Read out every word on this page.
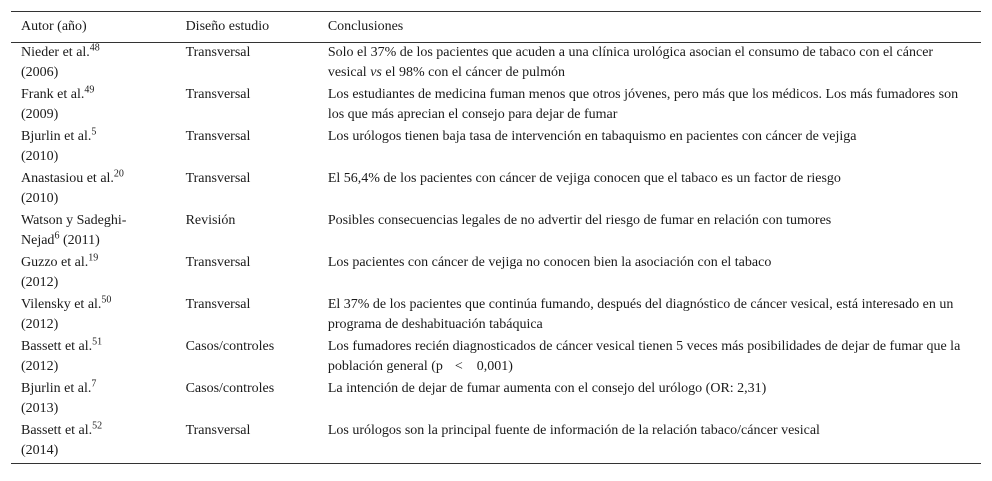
Autor (año)	Diseño estudio	Conclusiones
Nieder et al.$^{48}$
(2006)	Transversal	Solo el 37% de los pacientes que acuden a una clínica urológica asocian el consumo de tabaco con el cáncer vesical vs el 98% con el cáncer de pulmón
Frank et al.$^{49}$
(2009)	Transversal	Los estudiantes de medicina fuman menos que otros jóvenes, pero más que los médicos. Los más fumadores son los que más aprecian el consejo para dejar de fumar
Bjurlin et al.$^5$
(2010)	Transversal	Los urólogos tienen baja tasa de intervención en tabaquismo en pacientes con cáncer de vejiga
Anastasiou et al.$^{20}$
(2010)	Transversal	El 56,4% de los pacientes con cáncer de vejiga conocen que el tabaco es un factor de riesgo
Watson y Sadeghi-
Nejad$^6$ (2011)	Revisión	Posibles consecuencias legales de no advertir del riesgo de fumar en relación con tumores
Guzzo et al.$^{19}$
(2012)	Transversal	Los pacientes con cáncer de vejiga no conocen bien la asociación con el tabaco
Vilensky et al.$^{50}$
(2012)	Transversal	El 37% de los pacientes que continúa fumando, después del diagnóstico de cáncer vesical, está interesado en un programa de deshabituación tabáquica
Bassett et al.$^{51}$
(2012)	Casos/controles	Los fumadores recién diagnosticados de cáncer vesical tienen 5 veces más posibilidades de dejar de fumar que la población general (p < 0,001)
Bjurlin et al.$^7$
(2013)	Casos/controles	La intención de dejar de fumar aumenta con el consejo del urólogo (OR: 2,31)
Bassett et al.$^{52}$
(2014)	Transversal	Los urólogos son la principal fuente de información de la relación tabaco/cáncer vesical
